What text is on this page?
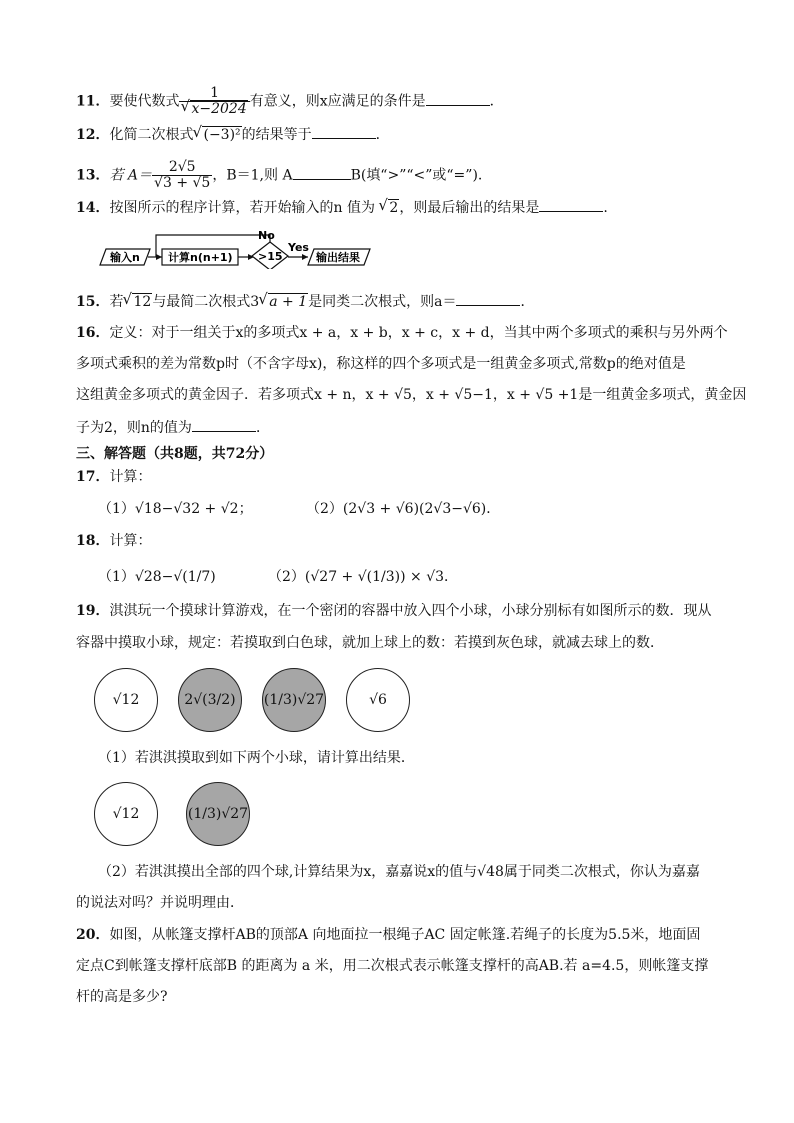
11．要使代数式 1
√ x−2024 有意义，则x应满足的条件是	．
12．化简二次根式 √ (−3)²的结果等于	．
13．若 $A= \frac{2√5}{√3 + √5}$ ，B＝1,则 A	B(填“>”“<”或“=”).
14．按图所示的程序计算，若开始输入的n 值为 √ 2，则最后输出的结果是	.
输入n	计算n(n+1) >15
No
Yes
输出结果
15．若 √ 12与最简二次根式3 √ a + 1是同类二次根式，则a＝	．
16．定义：对于一组关于x的多项式x + a，x + b，x + c，x + d，当其中两个多项式的乘积与另外两个
多项式乘积的差为常数p时（不含字母x)，称这样的四个多项式是一组黄金多项式,常数p的绝对值是
这组黄金多项式的黄金因子．若多项式x + n，x + √5，x + √5−1，x + √5 +1是一组黄金多项式，黄金因
子为2，则n的值为	．
三、解答题（共8题，共72分）
17．计算：
（1）√18−√32 + √2；	（2）(2√3 + √6)(2√3−√6)．
18．计算：
（1）√28−√(1/7)	（2）(√27 + √(1/3)) × √3．
19．淇淇玩一个摸球计算游戏，在一个密闭的容器中放入四个小球，小球分别标有如图所示的数．现从
容器中摸取小球，规定：若摸取到白色球，就加上球上的数：若摸到灰色球，就减去球上的数．
√12	2√(3/2)	(1/3)√27	√6
（1）若淇淇摸取到如下两个小球，请计算出结果．
√12	(1/3)√27
（2）若淇淇摸出全部的四个球,计算结果为x，嘉嘉说x的值与√48属于同类二次根式，你认为嘉嘉
的说法对吗？并说明理由．
20．如图，从帐篷支撑杆AB的顶部A 向地面拉一根绳子AC 固定帐篷.若绳子的长度为5.5米，地面固
定点C到帐篷支撑杆底部B 的距离为 a 米，用二次根式表示帐篷支撑杆的高AB.若 a=4.5，则帐篷支撑
杆的高是多少?
